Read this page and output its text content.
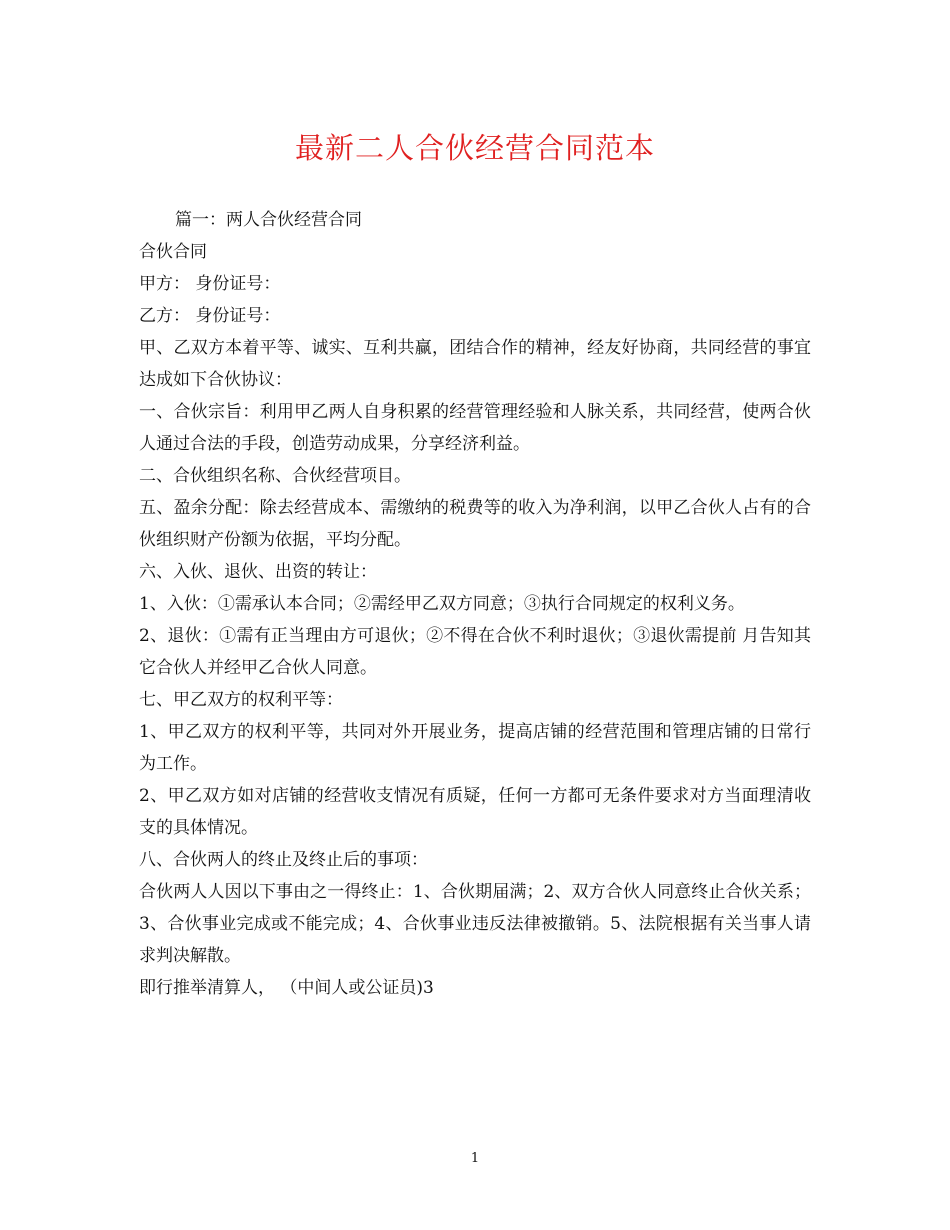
最新二人合伙经营合同范本

篇一：两人合伙经营合同

合伙合同

甲方： 身份证号：

乙方： 身份证号：

甲、乙双方本着平等、诚实、互利共赢，团结合作的精神，经友好协商，共同经营的事宜达成如下合伙协议：

一、合伙宗旨：利用甲乙两人自身积累的经营管理经验和人脉关系，共同经营，使两合伙人通过合法的手段，创造劳动成果，分享经济利益。

二、合伙组织名称、合伙经营项目。

五、盈余分配：除去经营成本、需缴纳的税费等的收入为净利润，以甲乙合伙人占有的合伙组织财产份额为依据，平均分配。

六、入伙、退伙、出资的转让：

1、入伙：①需承认本合同；②需经甲乙双方同意；③执行合同规定的权利义务。

2、退伙：①需有正当理由方可退伙；②不得在合伙不利时退伙；③退伙需提前 月告知其它合伙人并经甲乙合伙人同意。

七、甲乙双方的权利平等：

1、甲乙双方的权利平等，共同对外开展业务，提高店铺的经营范围和管理店铺的日常行为工作。

2、甲乙双方如对店铺的经营收支情况有质疑，任何一方都可无条件要求对方当面理清收支的具体情况。

八、合伙两人的终止及终止后的事项：

合伙两人人因以下事由之一得终止：1、合伙期届满；2、双方合伙人同意终止合伙关系；3、合伙事业完成或不能完成；4、合伙事业违反法律被撤销。5、法院根据有关当事人请求判决解散。

即行推举清算人， （中间人或公证员)3

1
